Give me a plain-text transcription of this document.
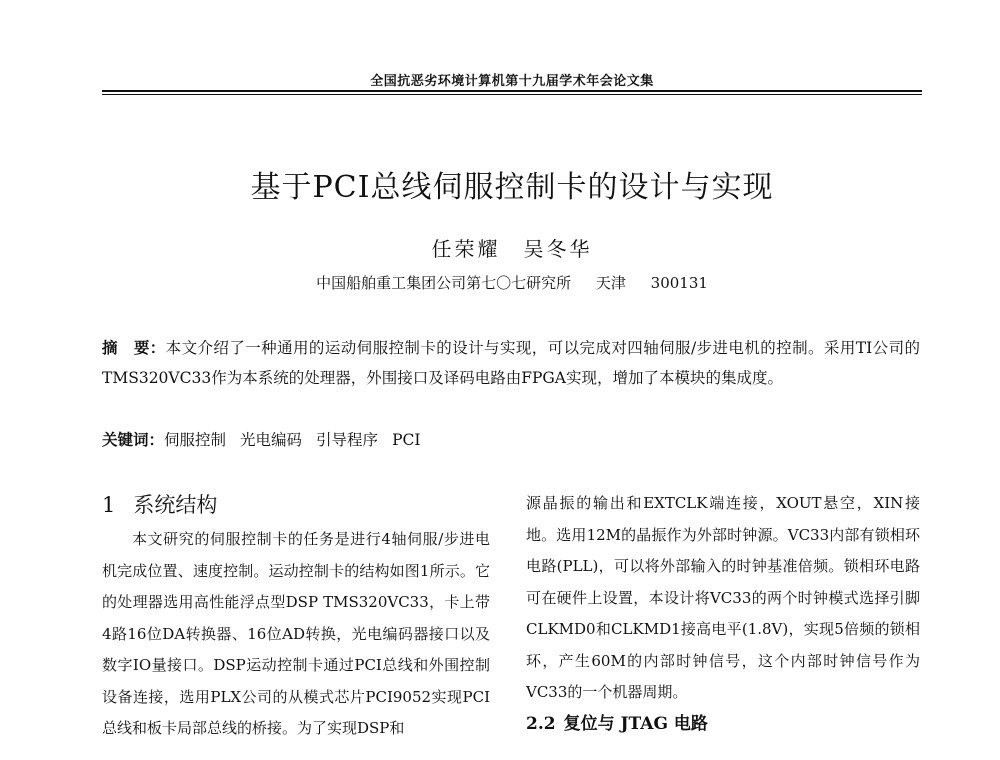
全国抗恶劣环境计算机第十九届学术年会论文集
基于PCI总线伺服控制卡的设计与实现
任荣耀　吴冬华
中国船舶重工集团公司第七〇七研究所 天津 300131
摘　要：本文介绍了一种通用的运动伺服控制卡的设计与实现，可以完成对四轴伺服/步进电机的控制。采用TI公司的TMS320VC33作为本系统的处理器，外围接口及译码电路由FPGA实现，增加了本模块的集成度。
关键词：伺服控制 光电编码 引导程序 PCI
1 系统结构
本文研究的伺服控制卡的任务是进行4轴伺服/步进电机完成位置、速度控制。运动控制卡的结构如图1所示。它的处理器选用高性能浮点型DSP TMS320VC33，卡上带4路16位DA转换器、16位AD转换，光电编码器接口以及数字IO量接口。DSP运动控制卡通过PCI总线和外围控制设备连接，选用PLX公司的从模式芯片PCI9052实现PCI总线和板卡局部总线的桥接。为了实现DSP和
源晶振的输出和EXTCLK端连接，XOUT悬空，XIN接地。选用12M的晶振作为外部时钟源。VC33内部有锁相环电路(PLL)，可以将外部输入的时钟基准倍频。锁相环电路可在硬件上设置，本设计将VC33的两个时钟模式选择引脚CLKMD0和CLKMD1接高电平(1.8V)，实现5倍频的锁相环，产生60M的内部时钟信号，这个内部时钟信号作为VC33的一个机器周期。
2.2 复位与 JTAG 电路
